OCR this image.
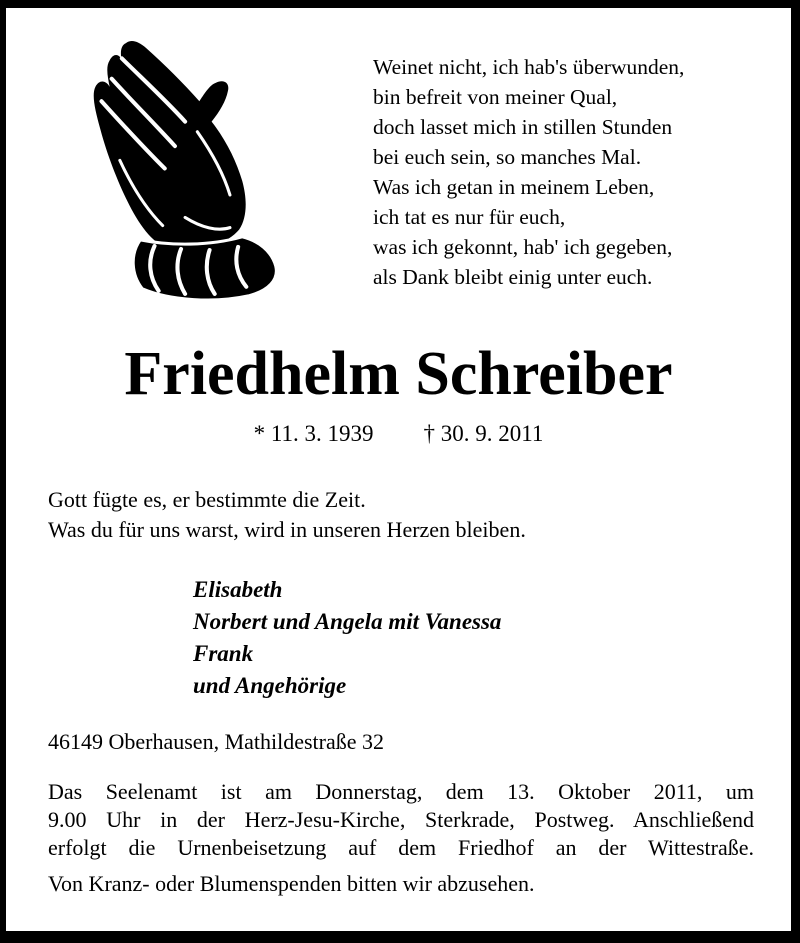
Weinet nicht, ich hab's überwunden,
bin befreit von meiner Qual,
doch lasset mich in stillen Stunden
bei euch sein, so manches Mal.
Was ich getan in meinem Leben,
ich tat es nur für euch,
was ich gekonnt, hab' ich gegeben,
als Dank bleibt einig unter euch.
Friedhelm Schreiber
* 11. 3. 1939 † 30. 9. 2011
Gott fügte es, er bestimmte die Zeit.
Was du für uns warst, wird in unseren Herzen bleiben.
Elisabeth
Norbert und Angela mit Vanessa
Frank
und Angehörige
46149 Oberhausen, Mathildestraße 32
Das Seelenamt ist am Donnerstag, dem 13. Oktober 2011, um
9.00 Uhr in der Herz-Jesu-Kirche, Sterkrade, Postweg. Anschließend
erfolgt die Urnenbeisetzung auf dem Friedhof an der Wittestraße.
Von Kranz- oder Blumenspenden bitten wir abzusehen.
